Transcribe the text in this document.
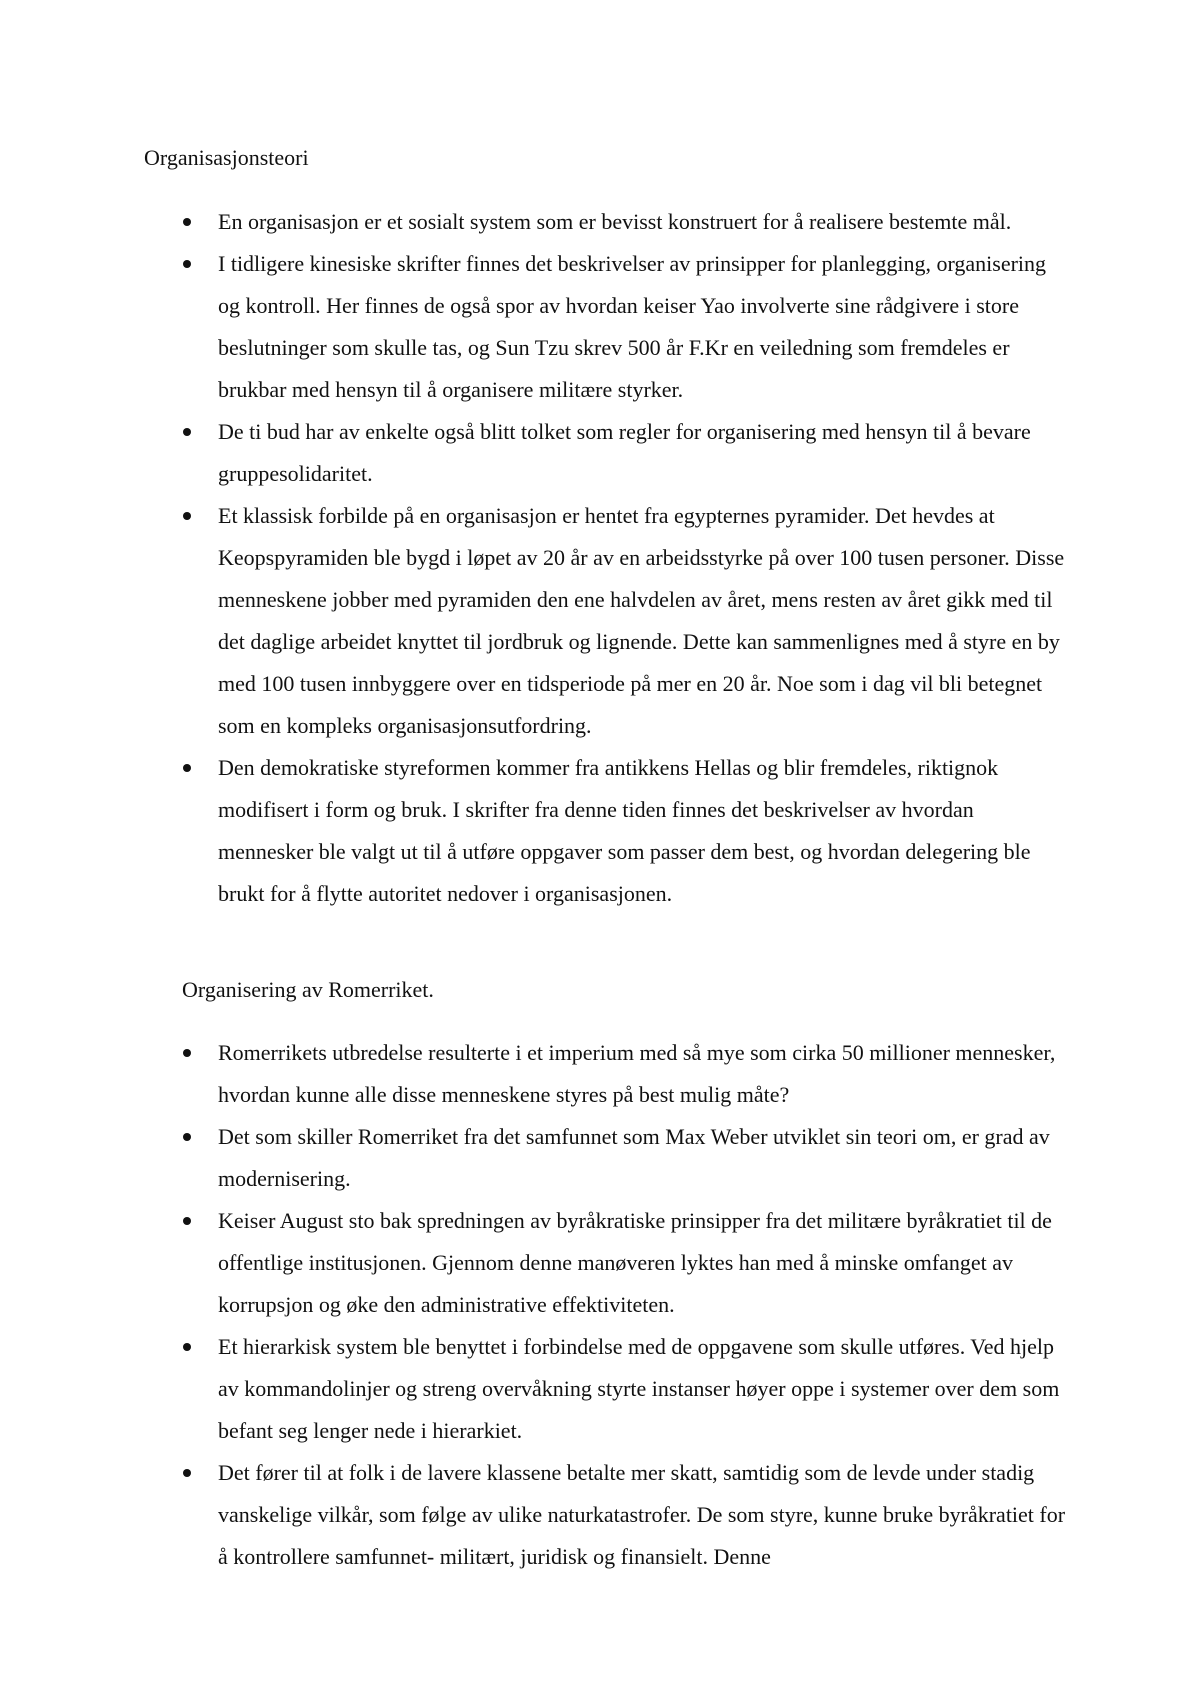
Organisasjonsteori

En organisasjon er et sosialt system som er bevisst konstruert for å realisere bestemte mål.
I tidligere kinesiske skrifter finnes det beskrivelser av prinsipper for planlegging, organisering og kontroll. Her finnes de også spor av hvordan keiser Yao involverte sine rådgivere i store beslutninger som skulle tas, og Sun Tzu skrev 500 år F.Kr en veiledning som fremdeles er brukbar med hensyn til å organisere militære styrker.
De ti bud har av enkelte også blitt tolket som regler for organisering med hensyn til å bevare gruppesolidaritet.
Et klassisk forbilde på en organisasjon er hentet fra egypternes pyramider. Det hevdes at Keopspyramiden ble bygd i løpet av 20 år av en arbeidsstyrke på over 100 tusen personer. Disse menneskene jobber med pyramiden den ene halvdelen av året, mens resten av året gikk med til det daglige arbeidet knyttet til jordbruk og lignende. Dette kan sammenlignes med å styre en by med 100 tusen innbyggere over en tidsperiode på mer en 20 år. Noe som i dag vil bli betegnet som en kompleks organisasjonsutfordring.
Den demokratiske styreformen kommer fra antikkens Hellas og blir fremdeles, riktignok modifisert i form og bruk. I skrifter fra denne tiden finnes det beskrivelser av hvordan mennesker ble valgt ut til å utføre oppgaver som passer dem best, og hvordan delegering ble brukt for å flytte autoritet nedover i organisasjonen.

Organisering av Romerriket.

Romerrikets utbredelse resulterte i et imperium med så mye som cirka 50 millioner mennesker, hvordan kunne alle disse menneskene styres på best mulig måte?
Det som skiller Romerriket fra det samfunnet som Max Weber utviklet sin teori om, er grad av modernisering.
Keiser August sto bak spredningen av byråkratiske prinsipper fra det militære byråkratiet til de offentlige institusjonen. Gjennom denne manøveren lyktes han med å minske omfanget av korrupsjon og øke den administrative effektiviteten.
Et hierarkisk system ble benyttet i forbindelse med de oppgavene som skulle utføres. Ved hjelp av kommandolinjer og streng overvåkning styrte instanser høyer oppe i systemer over dem som befant seg lenger nede i hierarkiet.
Det fører til at folk i de lavere klassene betalte mer skatt, samtidig som de levde under stadig vanskelige vilkår, som følge av ulike naturkatastrofer. De som styre, kunne bruke byråkratiet for å kontrollere samfunnet- militært, juridisk og finansielt. Denne
